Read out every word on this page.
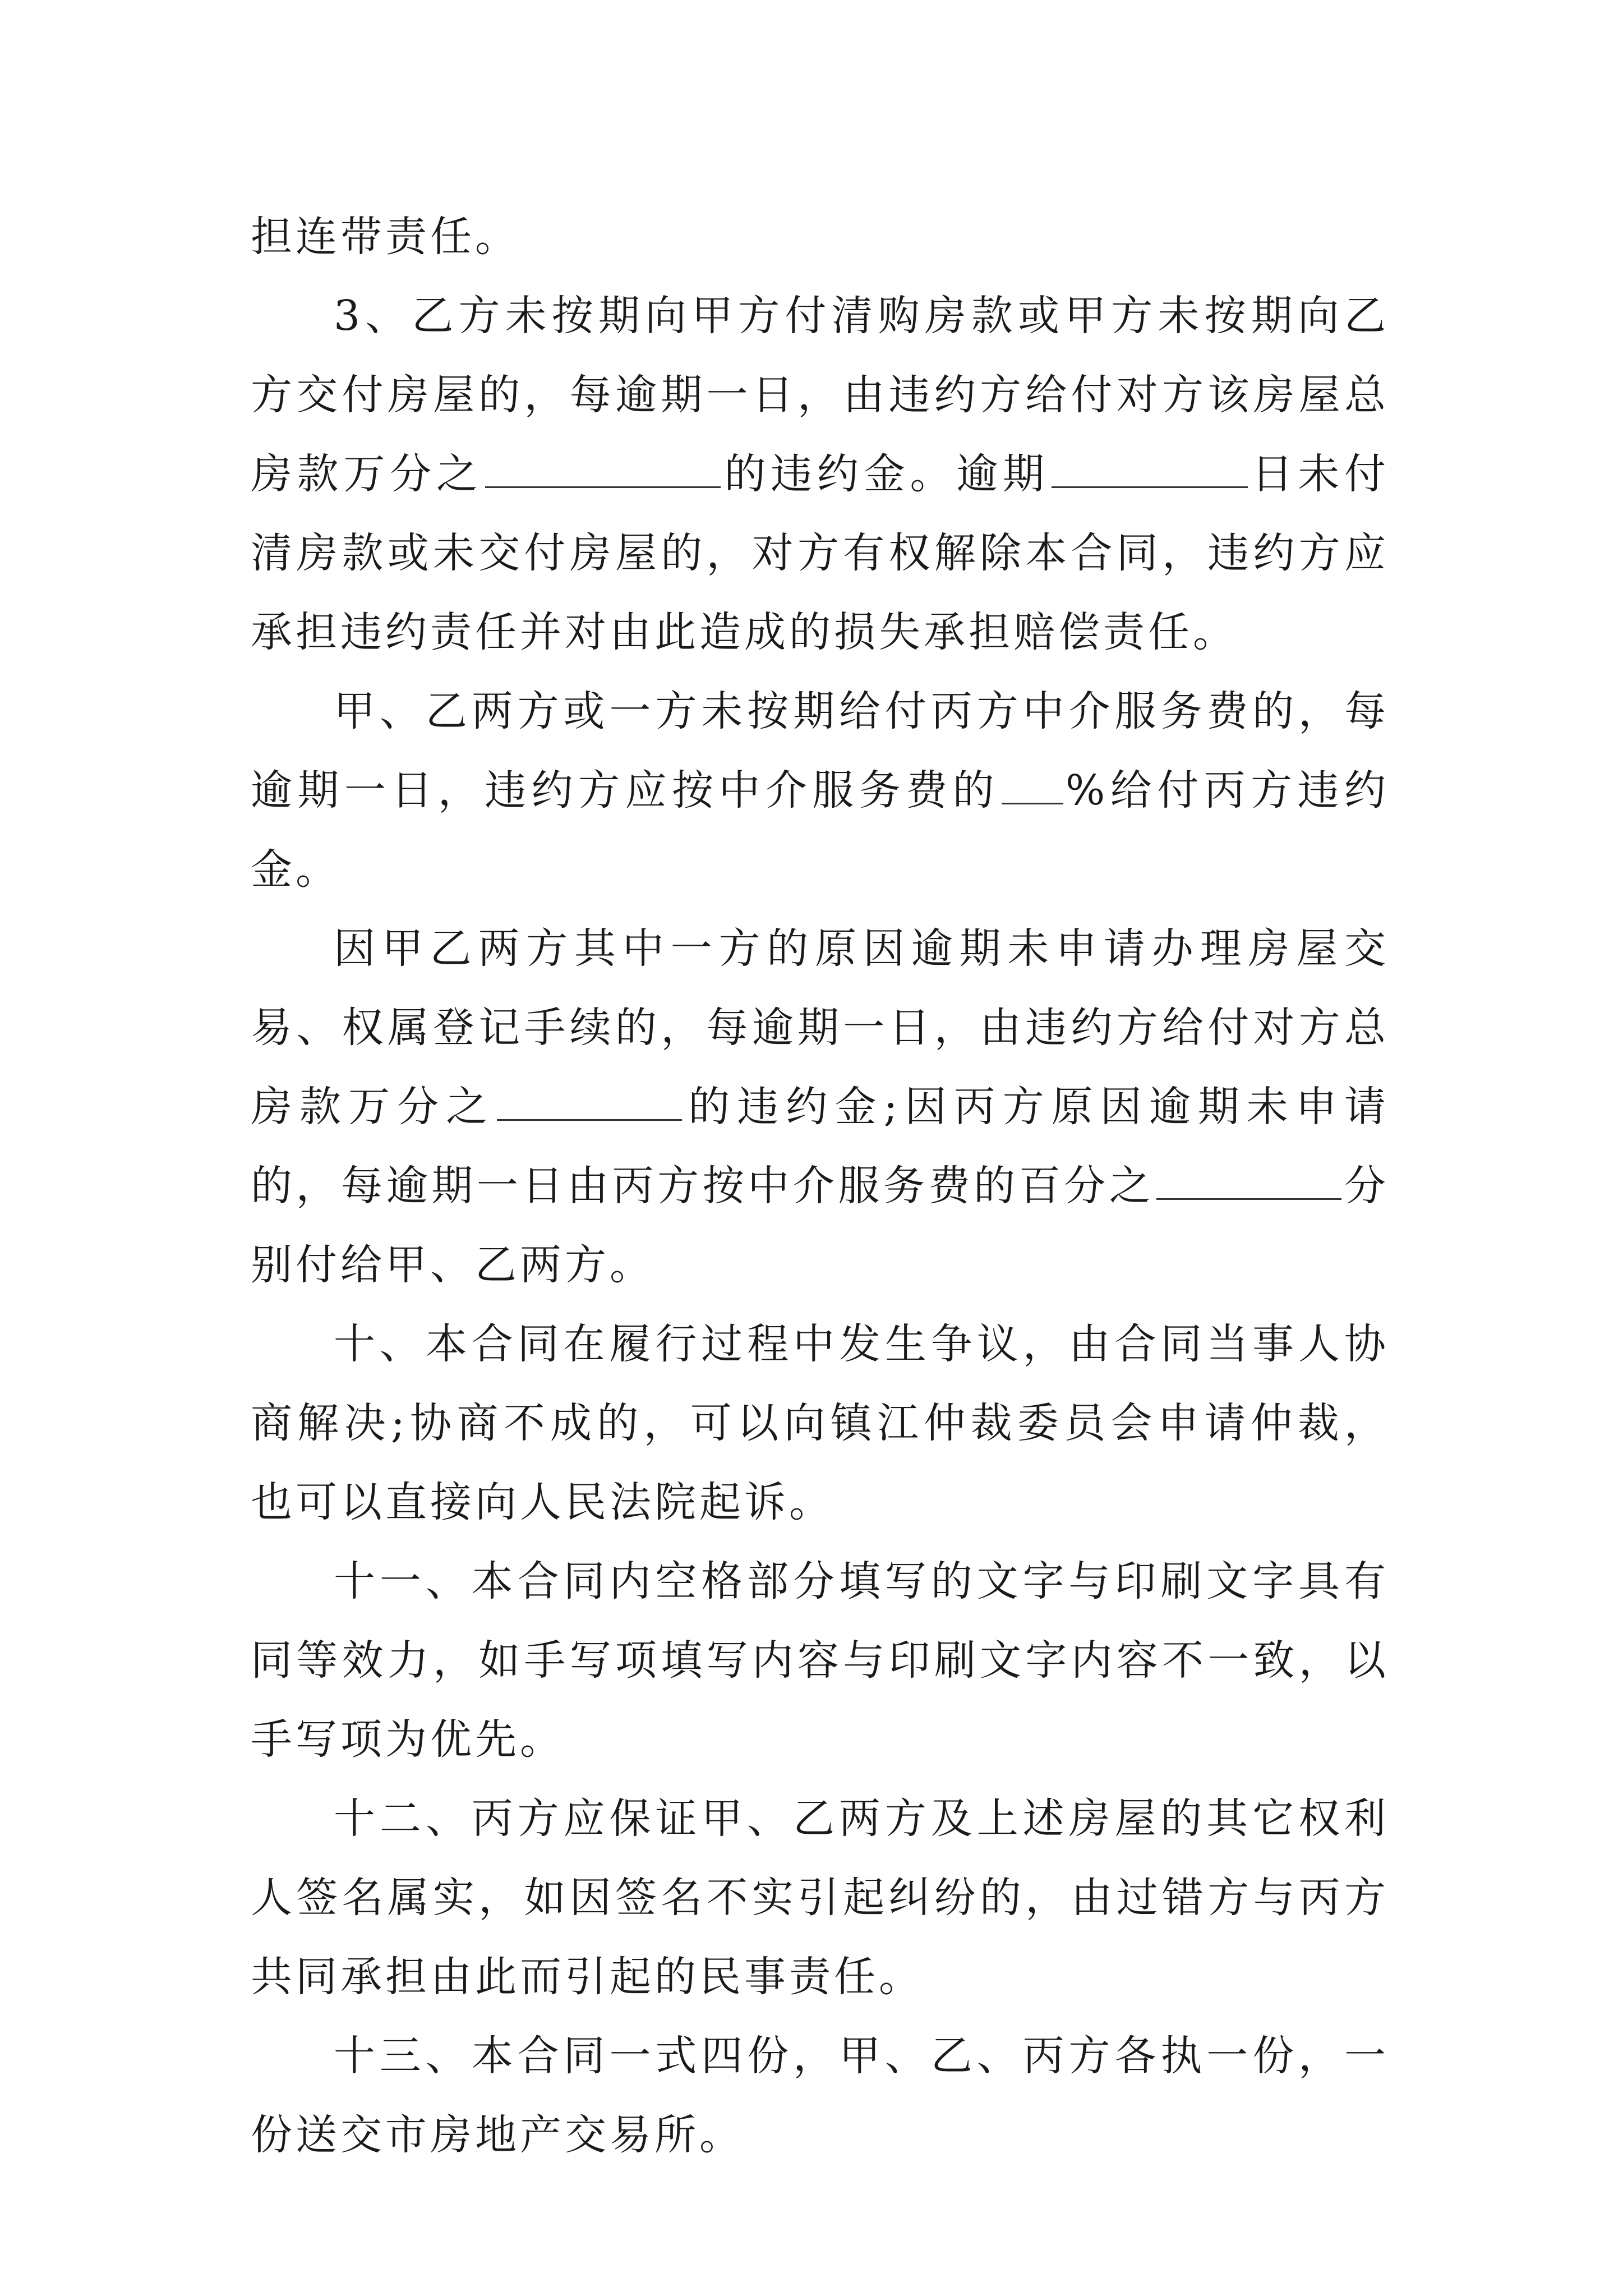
担连带责任。

3、乙方未按期向甲方付清购房款或甲方未按期向乙方交付房屋的，每逾期一日，由违约方给付对方该房屋总房款万分之	的违约金。逾期	日未付清房款或未交付房屋的，对方有权解除本合同，违约方应承担违约责任并对由此造成的损失承担赔偿责任。

甲、乙两方或一方未按期给付丙方中介服务费的，每逾期一日，违约方应按中介服务费的 %给付丙方违约金。

因甲乙两方其中一方的原因逾期未申请办理房屋交易、权属登记手续的，每逾期一日，由违约方给付对方总房款万分之	的违约金;因丙方原因逾期未申请的，每逾期一日由丙方按中介服务费的百分之	分别付给甲、乙两方。

十、本合同在履行过程中发生争议，由合同当事人协商解决;协商不成的，可以向镇江仲裁委员会申请仲裁，也可以直接向人民法院起诉。

十一、本合同内空格部分填写的文字与印刷文字具有同等效力，如手写项填写内容与印刷文字内容不一致，以手写项为优先。

十二、丙方应保证甲、乙两方及上述房屋的其它权利人签名属实，如因签名不实引起纠纷的，由过错方与丙方共同承担由此而引起的民事责任。

十三、本合同一式四份，甲、乙、丙方各执一份，一份送交市房地产交易所。
